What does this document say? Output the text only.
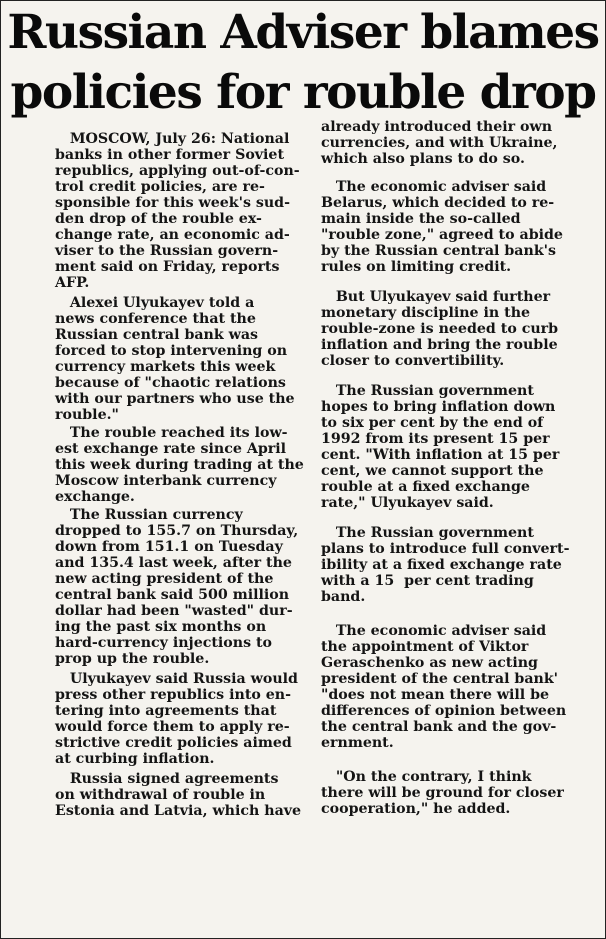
Russian Adviser blames
policies for rouble drop

MOSCOW, July 26: National
banks in other former Soviet
republics, applying out-of-con-
trol credit policies, are re-
sponsible for this week's sud-
den drop of the rouble ex-
change rate, an economic ad-
viser to the Russian govern-
ment said on Friday, reports
AFP.

Alexei Ulyukayev told a
news conference that the
Russian central bank was
forced to stop intervening on
currency markets this week
because of "chaotic relations
with our partners who use the
rouble."

The rouble reached its low-
est exchange rate since April
this week during trading at the
Moscow interbank currency
exchange.

The Russian currency
dropped to 155.7 on Thursday,
down from 151.1 on Tuesday
and 135.4 last week, after the
new acting president of the
central bank said 500 million
dollar had been "wasted" dur-
ing the past six months on
hard-currency injections to
prop up the rouble.

Ulyukayev said Russia would
press other republics into en-
tering into agreements that
would force them to apply re-
strictive credit policies aimed
at curbing inflation.

Russia signed agreements
on withdrawal of rouble in
Estonia and Latvia, which have

already introduced their own
currencies, and with Ukraine,
which also plans to do so.

The economic adviser said
Belarus, which decided to re-
main inside the so-called
"rouble zone," agreed to abide
by the Russian central bank's
rules on limiting credit.

But Ulyukayev said further
monetary discipline in the
rouble-zone is needed to curb
inflation and bring the rouble
closer to convertibility.

The Russian government
hopes to bring inflation down
to six per cent by the end of
1992 from its present 15 per
cent. "With inflation at 15 per
cent, we cannot support the
rouble at a fixed exchange
rate," Ulyukayev said.

The Russian government
plans to introduce full convert-
ibility at a fixed exchange rate
with a 15  per cent trading
band.

The economic adviser said
the appointment of Viktor
Geraschenko as new acting
president of the central bank'
"does not mean there will be
differences of opinion between
the central bank and the gov-
ernment.

"On the contrary, I think
there will be ground for closer
cooperation," he added.
